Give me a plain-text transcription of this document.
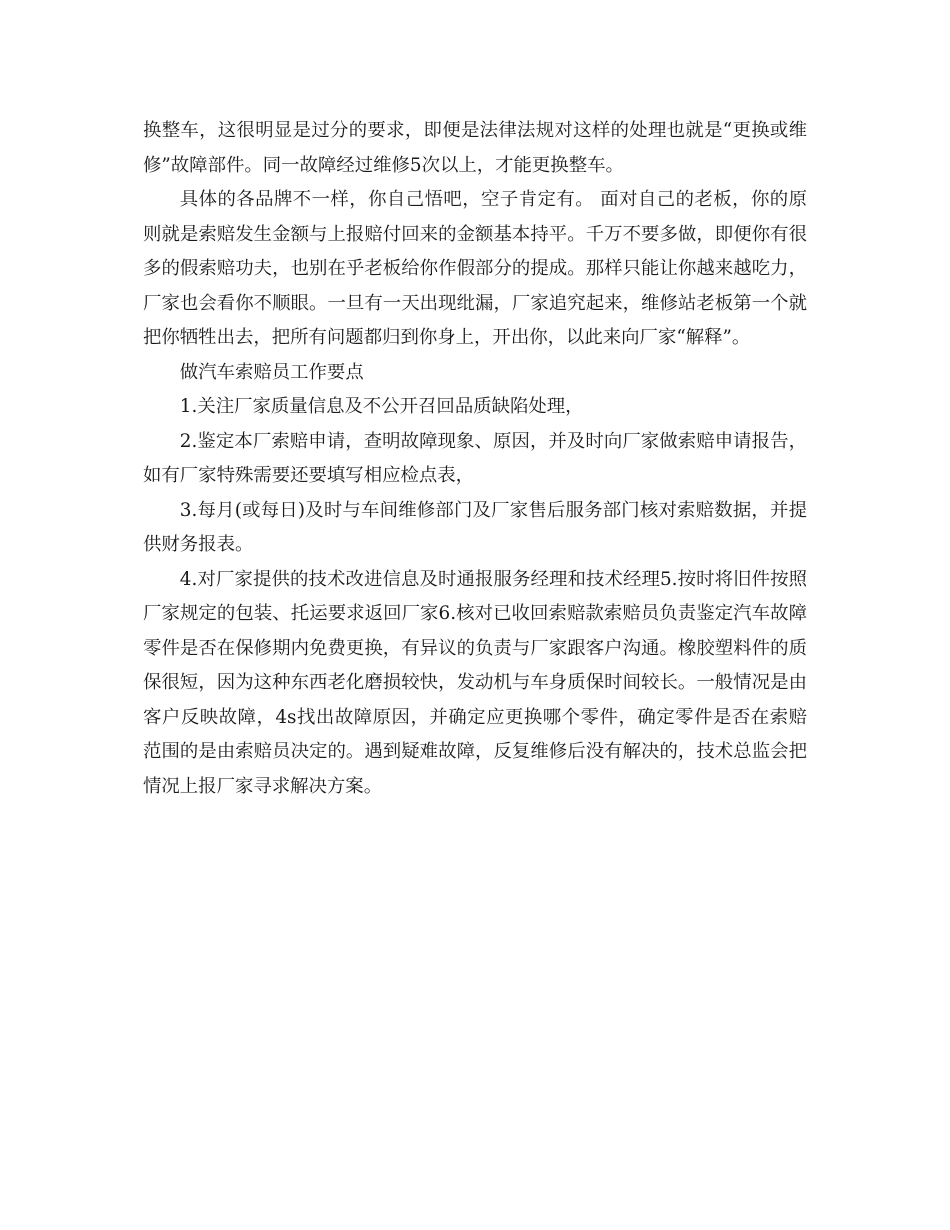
换整车，这很明显是过分的要求，即便是法律法规对这样的处理也就是“更换或维修”故障部件。同一故障经过维修5次以上，才能更换整车。

具体的各品牌不一样，你自己悟吧，空子肯定有。 面对自己的老板，你的原则就是索赔发生金额与上报赔付回来的金额基本持平。千万不要多做，即便你有很多的假索赔功夫，也别在乎老板给你作假部分的提成。那样只能让你越来越吃力，厂家也会看你不顺眼。一旦有一天出现纰漏，厂家追究起来，维修站老板第一个就把你牺牲出去，把所有问题都归到你身上，开出你，以此来向厂家“解释”。

做汽车索赔员工作要点

1.关注厂家质量信息及不公开召回品质缺陷处理，

2.鉴定本厂索赔申请，查明故障现象、原因，并及时向厂家做索赔申请报告，如有厂家特殊需要还要填写相应检点表，

3.每月(或每日)及时与车间维修部门及厂家售后服务部门核对索赔数据，并提供财务报表。

4.对厂家提供的技术改进信息及时通报服务经理和技术经理5.按时将旧件按照厂家规定的包装、托运要求返回厂家6.核对已收回索赔款索赔员负责鉴定汽车故障零件是否在保修期内免费更换，有异议的负责与厂家跟客户沟通。橡胶塑料件的质保很短，因为这种东西老化磨损较快，发动机与车身质保时间较长。一般情况是由客户反映故障，4s找出故障原因，并确定应更换哪个零件，确定零件是否在索赔范围的是由索赔员决定的。遇到疑难故障，反复维修后没有解决的，技术总监会把情况上报厂家寻求解决方案。
